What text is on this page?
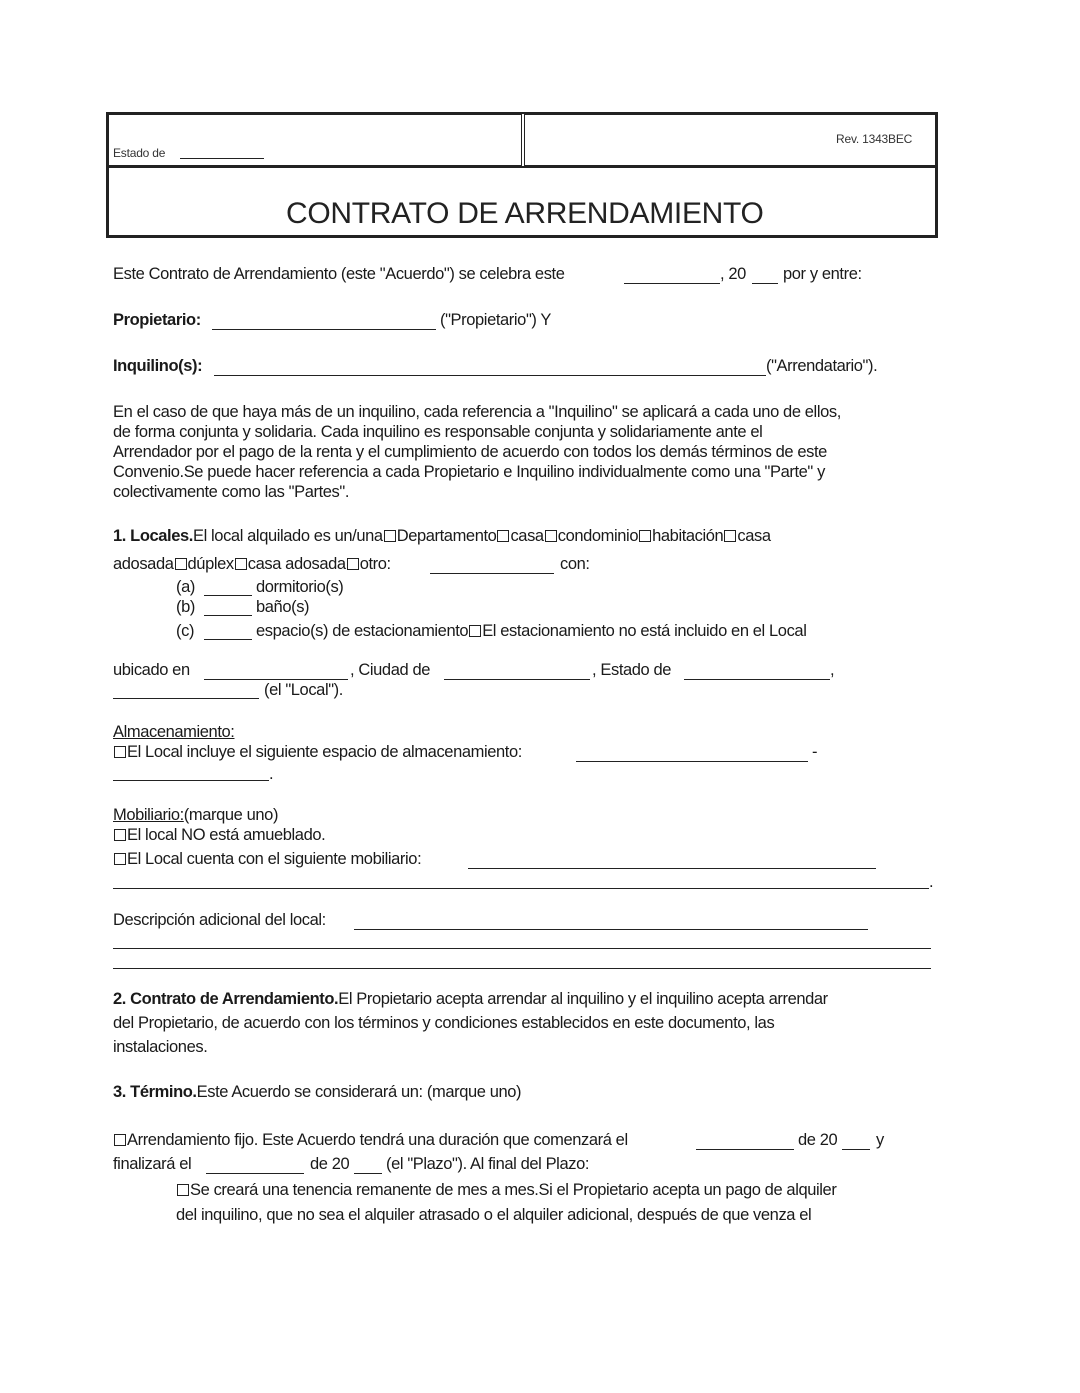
Estado de
Rev. 1343BEC
CONTRATO DE ARRENDAMIENTO
Este Contrato de Arrendamiento (este "Acuerdo") se celebra este	, 20 por y entre:
Propietario:	("Propietario") Y
Inquilino(s):	("Arrendatario").
En el caso de que haya más de un inquilino, cada referencia a "Inquilino" se aplicará a cada uno de ellos,
de forma conjunta y solidaria. Cada inquilino es responsable conjunta y solidariamente ante el
Arrendador por el pago de la renta y el cumplimiento de acuerdo con todos los demás términos de este
Convenio.Se puede hacer referencia a cada Propietario e Inquilino individualmente como una "Parte" y
colectivamente como las "Partes".
1. Locales.El local alquilado es un/una Departamento casa condominio habitación casa
adosada dúplex casa adosada otro:	con:
(a)	dormitorio(s)
(b)	baño(s)
(c)	espacio(s) de estacionamiento El estacionamiento no está incluido en el Local
ubicado en	, Ciudad de	, Estado de	,
(el "Local").
Almacenamiento:
El Local incluye el siguiente espacio de almacenamiento:	-
.
Mobiliario:(marque uno)
El local NO está amueblado.
El Local cuenta con el siguiente mobiliario:
.
Descripción adicional del local:
2. Contrato de Arrendamiento.El Propietario acepta arrendar al inquilino y el inquilino acepta arrendar
del Propietario, de acuerdo con los términos y condiciones establecidos en este documento, las
instalaciones.
3. Término.Este Acuerdo se considerará un: (marque uno)
Arrendamiento fijo. Este Acuerdo tendrá una duración que comenzará el	de 20 y
finalizará el	de 20 (el "Plazo"). Al final del Plazo:
Se creará una tenencia remanente de mes a mes.Si el Propietario acepta un pago de alquiler
del inquilino, que no sea el alquiler atrasado o el alquiler adicional, después de que venza el
